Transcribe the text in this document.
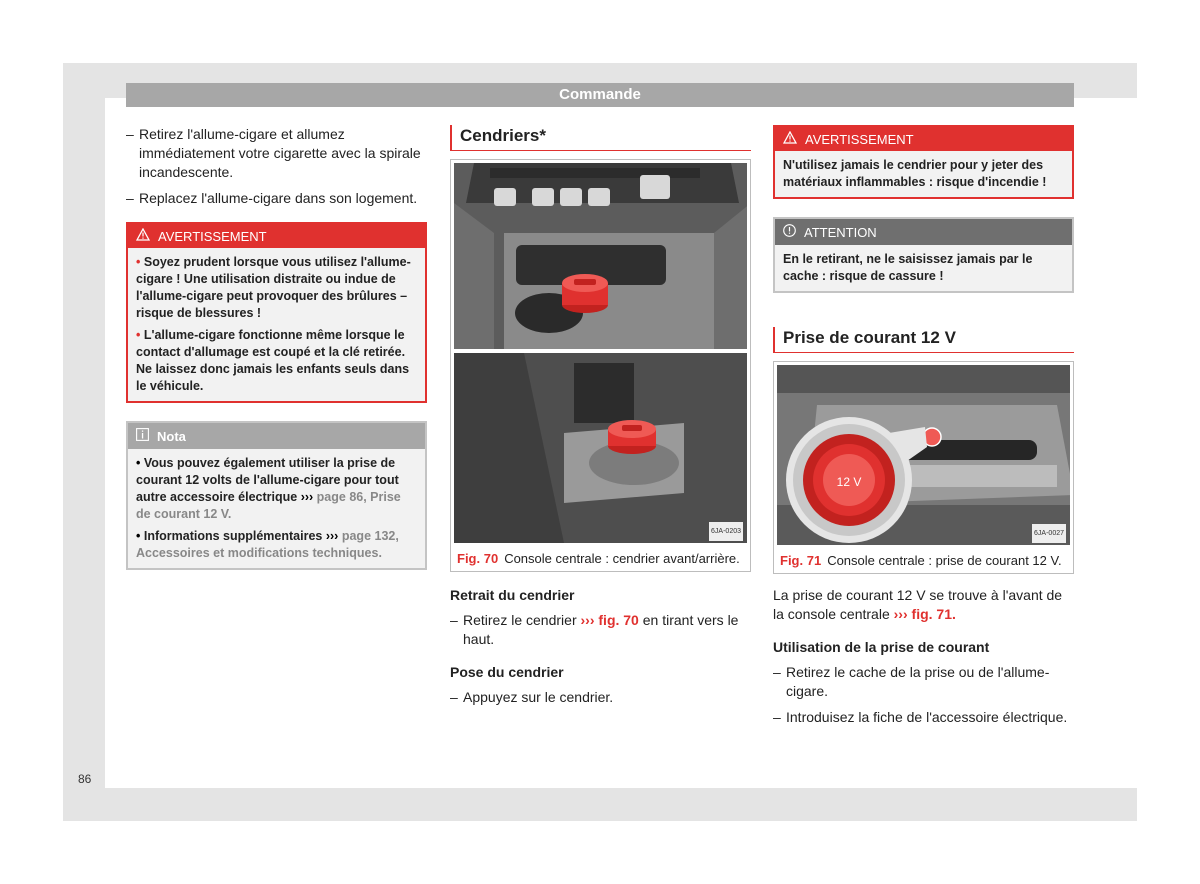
Commande
– Retirez l'allume-cigare et allumez immédiatement votre cigarette avec la spirale incandescente.
– Replacez l'allume-cigare dans son logement.
AVERTISSEMENT

• Soyez prudent lorsque vous utilisez l'allume-cigare ! Une utilisation distraite ou indue de l'allume-cigare peut provoquer des brûlures – risque de blessures !

• L'allume-cigare fonctionne même lorsque le contact d'allumage est coupé et la clé retirée. Ne laissez donc jamais les enfants seuls dans le véhicule.

Nota

• Vous pouvez également utiliser la prise de courant 12 volts de l'allume-cigare pour tout autre accessoire électrique ››› page 86, Prise de courant 12 V.

• Informations supplémentaires ››› page 132, Accessoires et modifications techniques.

Cendriers*
6JA-0203
Fig. 70 Console centrale : cendrier avant/arrière.
Retrait du cendrier
– Retirez le cendrier ››› fig. 70 en tirant vers le haut.
Pose du cendrier
– Appuyez sur le cendrier.
AVERTISSEMENT
N'utilisez jamais le cendrier pour y jeter des matériaux inflammables : risque d'incendie !
ATTENTION
En le retirant, ne le saisissez jamais par le cache : risque de cassure !
Prise de courant 12 V
12 V
6JA-0027
Fig. 71 Console centrale : prise de courant 12 V.
La prise de courant 12 V se trouve à l'avant de la console centrale ››› fig. 71.
Utilisation de la prise de courant
– Retirez le cache de la prise ou de l'allume-cigare.
– Introduisez la fiche de l'accessoire électrique.
86
